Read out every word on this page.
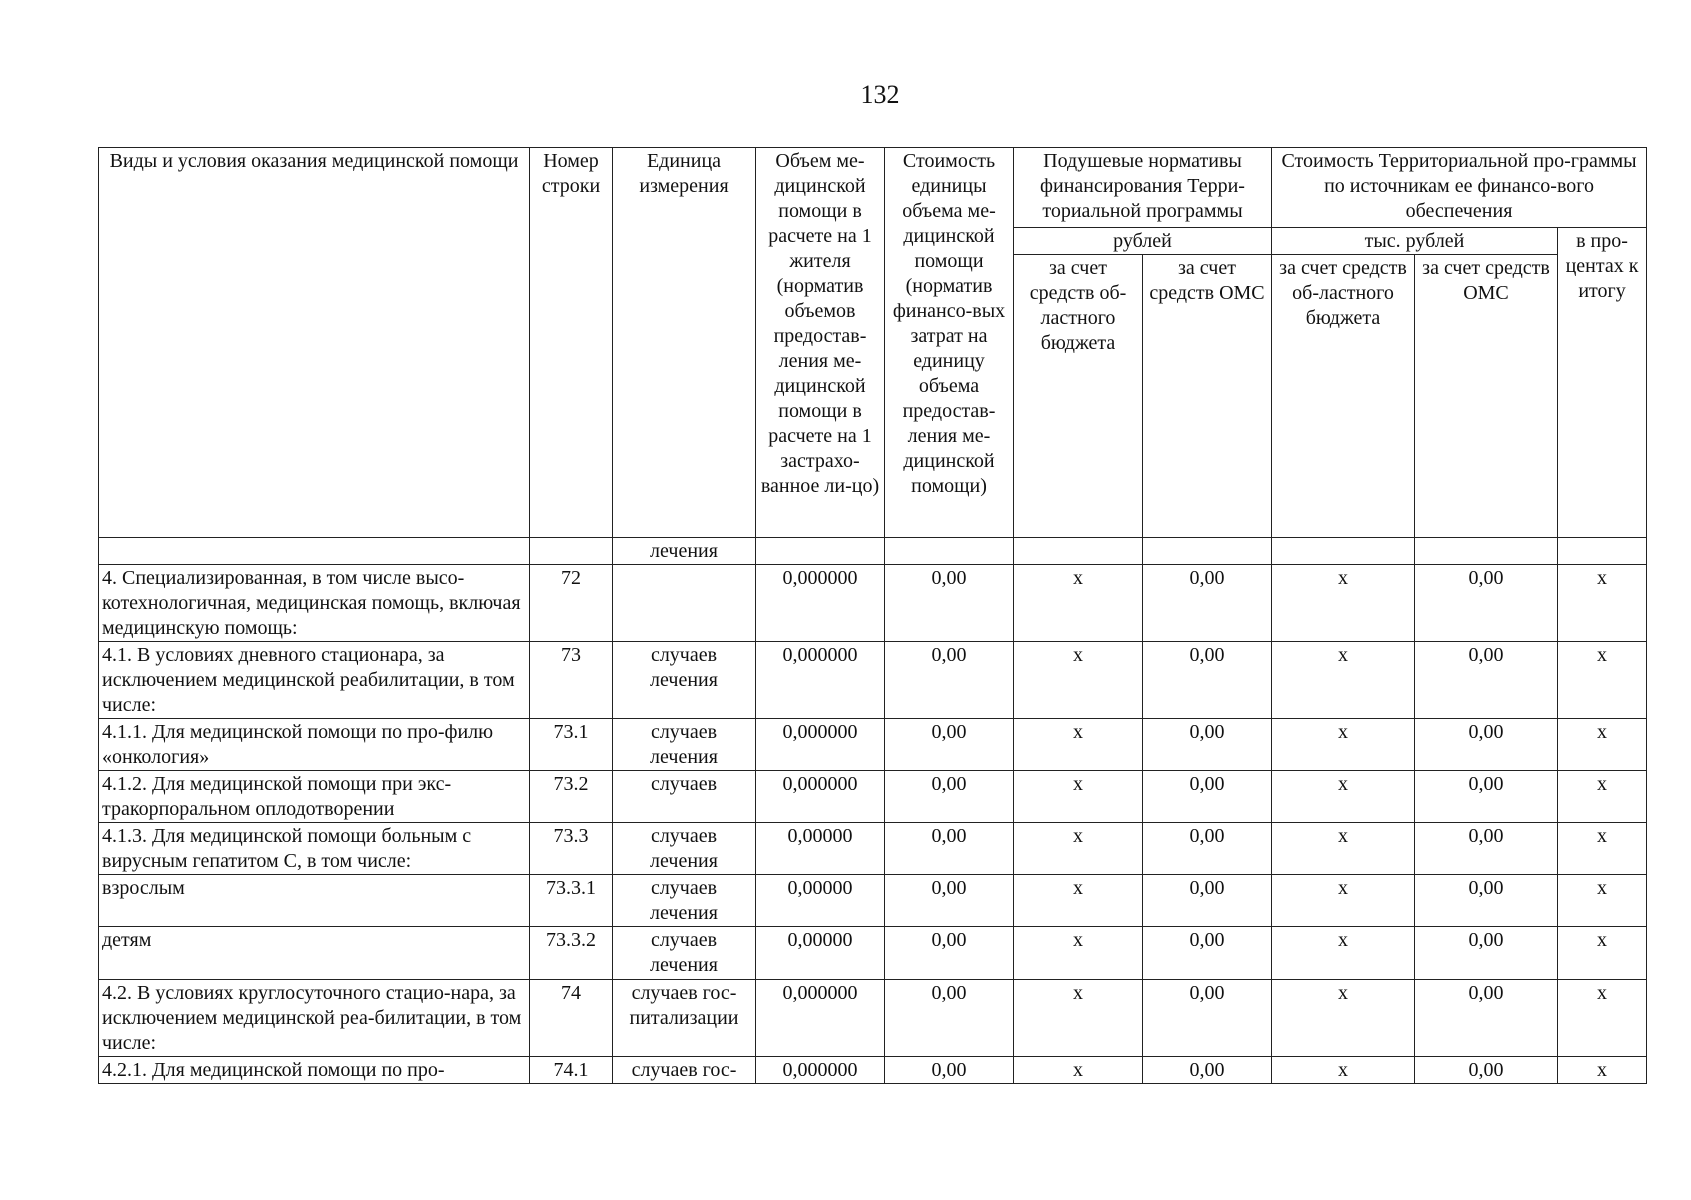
132
Виды и условия оказания медицинской помощи	Номер строки	Единица измерения	Объем ме-дицинской помощи в расчете на 1 жителя (норматив объемов предостав-ления ме-дицинской помощи в расчете на 1 застрахо-ванное ли-цо)	Стоимость единицы объема ме-дицинской помощи (норматив финансо-вых затрат на единицу объема предостав-ления ме-дицинской помощи)	Подушевые нормативы финансирования Терри-ториальной программы		Стоимость Территориальной про-граммы по источникам ее финансо-вого обеспечения		
					рублей		тыс. рублей		в про-центах к итогу
					за счет средств об-ластного бюджета	за счет средств ОМС	за счет средств об-ластного бюджета	за счет средств ОМС	

		лечения							
4. Специализированная, в том числе высо-котехнологичная, медицинская помощь, включая медицинскую помощь:	72		0,000000	0,00	x	0,00	x	0,00	x
4.1. В условиях дневного стационара, за исключением медицинской реабилитации, в том числе:	73	случаев лечения	0,000000	0,00	x	0,00	x	0,00	x
4.1.1. Для медицинской помощи по про-филю «онкология»	73.1	случаев лечения	0,000000	0,00	x	0,00	x	0,00	x
4.1.2. Для медицинской помощи при экс-тракорпоральном оплодотворении	73.2	случаев	0,000000	0,00	x	0,00	x	0,00	x
4.1.3. Для медицинской помощи больным с вирусным гепатитом С, в том числе:	73.3	случаев лечения	0,00000	0,00	x	0,00	x	0,00	x
взрослым	73.3.1	случаев лечения	0,00000	0,00	x	0,00	x	0,00	x
детям	73.3.2	случаев лечения	0,00000	0,00	x	0,00	x	0,00	x
4.2. В условиях круглосуточного стацио-нара, за исключением медицинской реа-билитации, в том числе:	74	случаев гос-питализации	0,000000	0,00	x	0,00	x	0,00	x
4.2.1. Для медицинской помощи по про-	74.1	случаев гос-	0,000000	0,00	x	0,00	x	0,00	x
